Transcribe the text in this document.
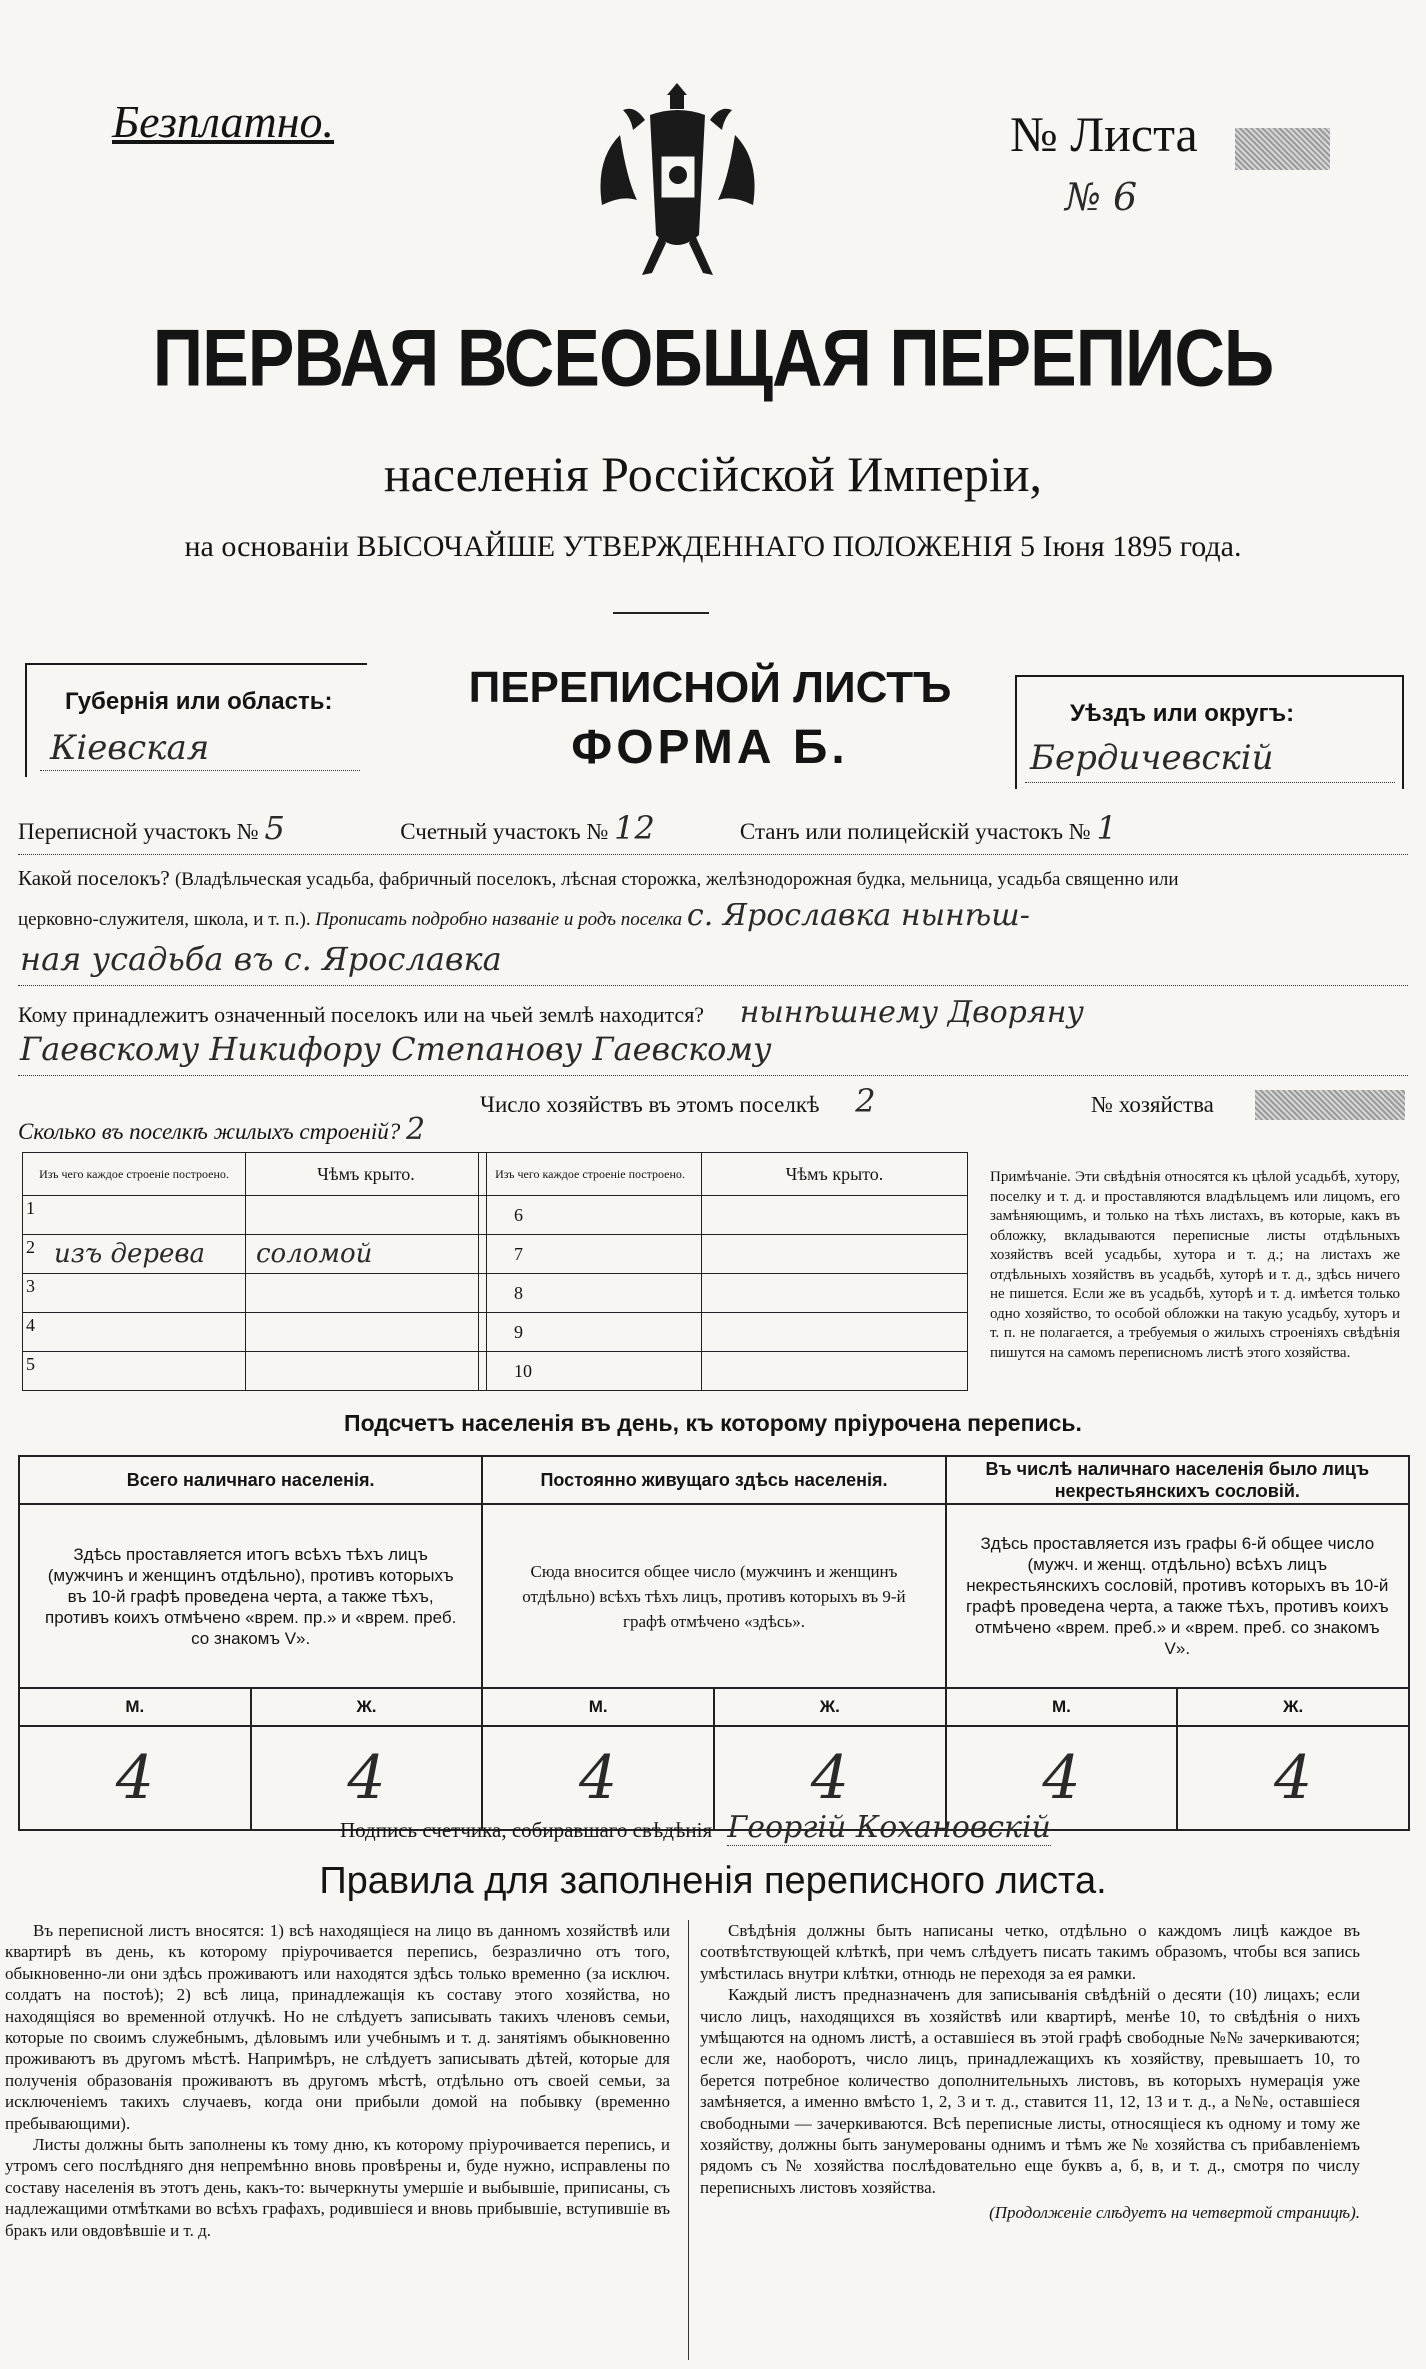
Безплатно.	№ Листа
№ 6
ПЕРВАЯ ВСЕОБЩАЯ ПЕРЕПИСЬ
населенія Россійской Имперіи,
на основаніи ВЫСОЧАЙШЕ УТВЕРЖДЕННАГО ПОЛОЖЕНІЯ 5 Іюня 1895 года.
Губернія или область:
Кіевская
ПЕРЕПИСНОЙ ЛИСТЪ
ФОРМА Б.
Уѣздъ или округъ:
Бердичевскій
Переписной участокъ № 5	Счетный участокъ № 12	Станъ или полицейскій участокъ № 1
Какой поселокъ? (Владѣльческая усадьба, фабричный поселокъ, лѣсная сторожка, желѣзнодорожная будка, мельница, усадьба священно или
церковно-служителя, школа, и т. п.). Прописать подробно названіе и родъ поселка с. Ярославка нынѣш-
ная усадьба въ с. Ярославка
Кому принадлежитъ означенный поселокъ или на чьей землѣ находится? нынѣшнему Дворяну
Гаевскому Никифору Степанову Гаевскому
Число хозяйствъ въ этомъ поселкѣ 2	№ хозяйства
Сколько въ поселкѣ жилыхъ строеній? 2
Изъ чего каждое строеніе построено.	Чѣмъ крыто.

1	

2 изъ дерева	соломой

3	

4	

5	

Изъ чего каждое строеніе построено.	Чѣмъ крыто.
6	
7	
8	
9	
10	
Примѣчаніе. Эти свѣдѣнія относятся къ цѣлой усадьбѣ, хутору, поселку и т. д. и проставляются владѣльцемъ или лицомъ, его замѣняющимъ, и только на тѣхъ листахъ, въ которые, какъ въ обложку, вкладываются переписные листы отдѣльныхъ хозяйствъ всей усадьбы, хутора и т. д.; на листахъ же отдѣльныхъ хозяйствъ въ усадьбѣ, хуторѣ и т. д., здѣсь ничего не пишется. Если же въ усадьбѣ, хуторѣ и т. д. имѣется только одно хозяйство, то особой обложки на такую усадьбу, хуторъ и т. п. не полагается, а требуемыя о жилыхъ строеніяхъ свѣдѣнія пишутся на самомъ переписномъ листѣ этого хозяйства.
Подсчетъ населенія въ день, къ которому пріурочена перепись.
Всего наличнаго населенія.		Постоянно живущаго здѣсь населенія.		Въ числѣ наличнаго населенія было лицъ некрестьянскихъ сословій.	
Здѣсь проставляется итогъ всѣхъ тѣхъ лицъ (мужчинъ и женщинъ отдѣльно), противъ которыхъ въ 10-й графѣ проведена черта, а также тѣхъ, противъ коихъ отмѣчено «врем. пр.» и «врем. преб. со знакомъ V».		Сюда вносится общее число (мужчинъ и женщинъ отдѣльно) всѣхъ тѣхъ лицъ, противъ которыхъ въ 9-й графѣ отмѣчено «здѣсь».		Здѣсь проставляется изъ графы 6-й общее число (мужч. и женщ. отдѣльно) всѣхъ лицъ некрестьянскихъ сословій, противъ которыхъ въ 10-й графѣ проведена черта, а также тѣхъ, противъ коихъ отмѣчено «врем. преб.» и «врем. преб. со знакомъ V».	
М.	Ж.	М.	Ж.	М.	Ж.
4	4	4	4	4	4
Подпись счетчика, собиравшаго свѣдѣнія Георгій Кохановскій
Правила для заполненія переписного листа.
Въ переписной листъ вносятся: 1) всѣ находящіеся на лицо въ данномъ хозяйствѣ или квартирѣ въ день, къ которому пріурочивается перепись, безразлично отъ того, обыкновенно-ли они здѣсь проживаютъ или находятся здѣсь только временно (за исключ. солдатъ на постоѣ); 2) всѣ лица, принадлежащія къ составу этого хозяйства, но находящіяся во временной отлучкѣ. Но не слѣдуетъ записывать такихъ членовъ семьи, которые по своимъ служебнымъ, дѣловымъ или учебнымъ и т. д. занятіямъ обыкновенно проживаютъ въ другомъ мѣстѣ. Напримѣръ, не слѣдуетъ записывать дѣтей, которые для полученія образованія проживаютъ въ другомъ мѣстѣ, отдѣльно отъ своей семьи, за исключеніемъ такихъ случаевъ, когда они прибыли домой на побывку (временно пребывающими).
Листы должны быть заполнены къ тому дню, къ которому пріурочивается перепись, и утромъ сего послѣдняго дня непремѣнно вновь провѣрены и, буде нужно, исправлены по составу населенія въ этотъ день, какъ-то: вычеркнуты умершіе и выбывшіе, приписаны, съ надлежащими отмѣтками во всѣхъ графахъ, родившіеся и вновь прибывшіе, вступившіе въ бракъ или овдовѣвшіе и т. д.
Свѣдѣнія должны быть написаны четко, отдѣльно о каждомъ лицѣ каждое въ соотвѣтствующей клѣткѣ, при чемъ слѣдуетъ писать такимъ образомъ, чтобы вся запись умѣстилась внутри клѣтки, отнюдь не переходя за ея рамки.
Каждый листъ предназначенъ для записыванія свѣдѣній о десяти (10) лицахъ; если число лицъ, находящихся въ хозяйствѣ или квартирѣ, менѣе 10, то свѣдѣнія о нихъ умѣщаются на одномъ листѣ, а оставшіеся въ этой графѣ свободные №№ зачеркиваются; если же, наоборотъ, число лицъ, принадлежащихъ къ хозяйству, превышаетъ 10, то берется потребное количество дополнительныхъ листовъ, въ которыхъ нумерація уже замѣняется, а именно вмѣсто 1, 2, 3 и т. д., ставится 11, 12, 13 и т. д., а №№, оставшіеся свободными — зачеркиваются. Всѣ переписные листы, относящіеся къ одному и тому же хозяйству, должны быть занумерованы однимъ и тѣмъ же № хозяйства съ прибавленіемъ рядомъ съ № хозяйства послѣдовательно еще буквъ а, б, в, и т. д., смотря по числу переписныхъ листовъ хозяйства.
(Продолженіе слѣдуетъ на четвертой страницѣ).
